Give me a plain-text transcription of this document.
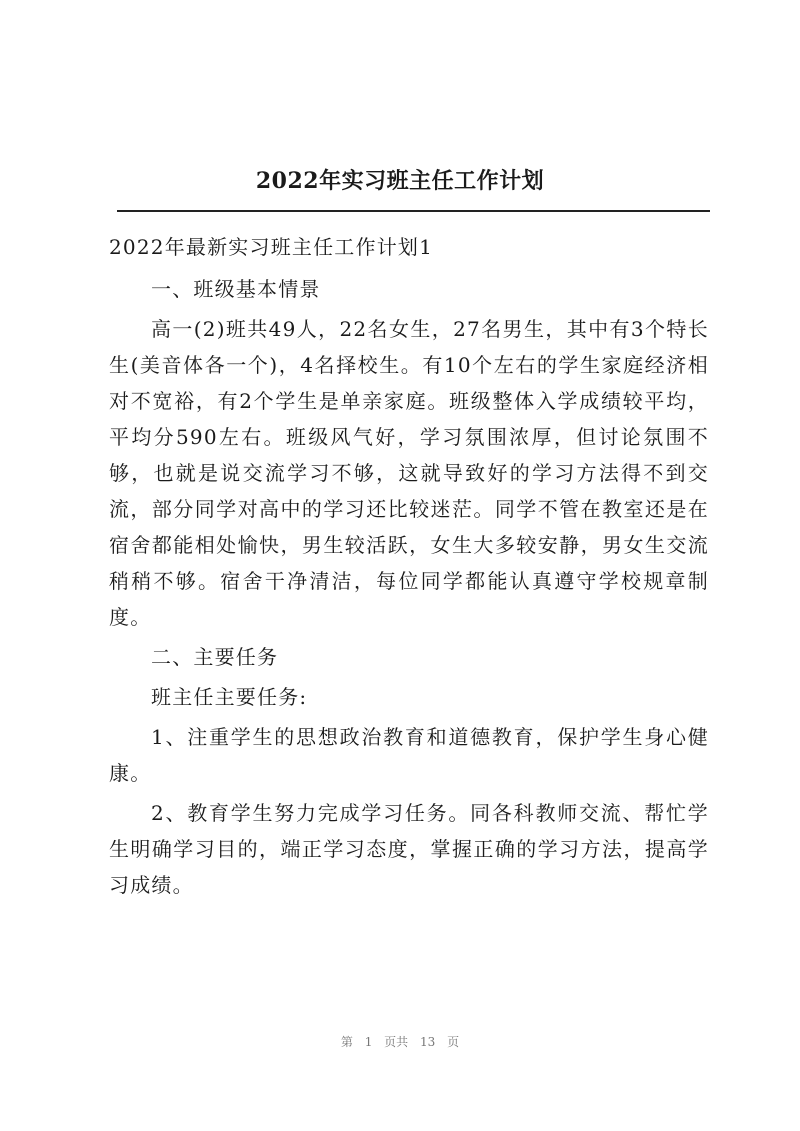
2022年实习班主任工作计划

2022年最新实习班主任工作计划1

一、班级基本情景

高一(2)班共49人，22名女生，27名男生，其中有3个特长生(美音体各一个)，4名择校生。有10个左右的学生家庭经济相对不宽裕，有2个学生是单亲家庭。班级整体入学成绩较平均，平均分590左右。班级风气好，学习氛围浓厚，但讨论氛围不够，也就是说交流学习不够，这就导致好的学习方法得不到交流，部分同学对高中的学习还比较迷茫。同学不管在教室还是在宿舍都能相处愉快，男生较活跃，女生大多较安静，男女生交流稍稍不够。宿舍干净清洁，每位同学都能认真遵守学校规章制度。

二、主要任务

班主任主要任务:

1、注重学生的思想政治教育和道德教育，保护学生身心健康。

2、教育学生努力完成学习任务。同各科教师交流、帮忙学生明确学习目的，端正学习态度，掌握正确的学习方法，提高学习成绩。

第 1 页共 13 页
